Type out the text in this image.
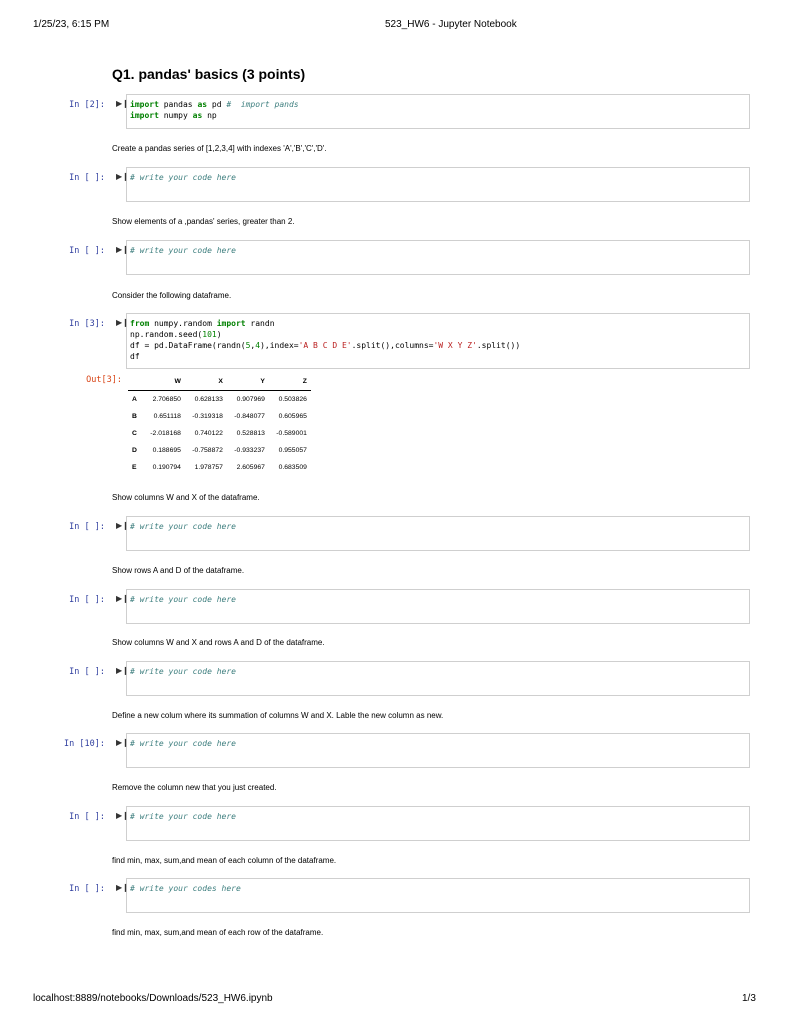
1/25/23, 6:15 PM	523_HW6 - Jupyter Notebook
Q1. pandas' basics (3 points)
In [2]: ▶❙ import pandas as pd #  import pands
import numpy as np
Create a pandas series of [1,2,3,4] with indexes 'A','B','C','D'.
In [ ]: ▶❙ # write your code here
Show elements of a ,pandas' series, greater than 2.
In [ ]: ▶❙ # write your code here
Consider the following dataframe.
In [3]: ▶❙ from numpy.random import randn
np.random.seed(101)
df = pd.DataFrame(randn(5,4),index='A B C D E'.split(),columns='W X Y Z'.split())
df
Out[3]:
		W	X	Y	Z
A	2.706850	0.628133	0.907969	0.503826
B	0.651118	-0.319318	-0.848077	0.605965
C	-2.018168	0.740122	0.528813	-0.589001
D	0.188695	-0.758872	-0.933237	0.955057
E	0.190794	1.978757	2.605967	0.683509
Show columns W and X of the dataframe.
In [ ]: ▶❙ # write your code here
Show rows A and D of the dataframe.
In [ ]: ▶❙ # write your code here
Show columns W and X and rows A and D of the dataframe.
In [ ]: ▶❙ # write your code here
Define a new colum where its summation of columns W and X. Lable the new column as new.
In [10]: ▶❙ # write your code here
Remove the column new that you just created.
In [ ]: ▶❙ # write your code here
find min, max, sum,and mean of each column of the dataframe.
In [ ]: ▶❙ # write your codes here
find min, max, sum,and mean of each row of the dataframe.
localhost:8889/notebooks/Downloads/523_HW6.ipynb	1/3
